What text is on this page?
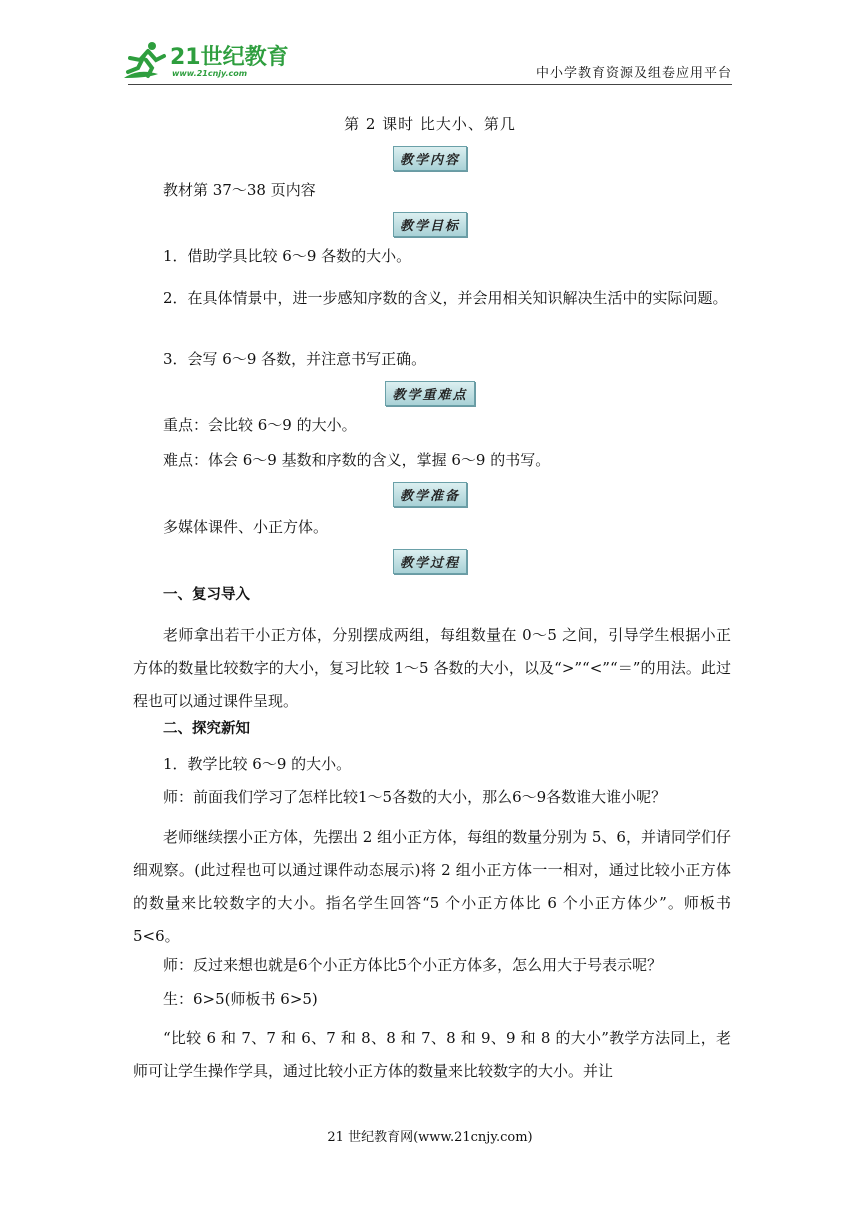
21世纪教育
www.21cnjy.com	中小学教育资源及组卷应用平台
第 2 课时 比大小、第几
教学内容
教材第 37～38 页内容
教学目标
1．借助学具比较 6～9 各数的大小。
2．在具体情景中，进一步感知序数的含义，并会用相关知识解决生活中的实际问题。
3．会写 6～9 各数，并注意书写正确。
教学重难点
重点：会比较 6～9 的大小。
难点：体会 6～9 基数和序数的含义，掌握 6～9 的书写。
教学准备
多媒体课件、小正方体。
教学过程
一、复习导入
老师拿出若干小正方体，分别摆成两组，每组数量在 0～5 之间，引导学生根据小正方体的数量比较数字的大小，复习比较 1～5 各数的大小，以及“>”“<”“＝”的用法。此过程也可以通过课件呈现。
二、探究新知
1．教学比较 6～9 的大小。
师：前面我们学习了怎样比较1～5各数的大小，那么6～9各数谁大谁小呢？
老师继续摆小正方体，先摆出 2 组小正方体，每组的数量分别为 5、6，并请同学们仔细观察。(此过程也可以通过课件动态展示)将 2 组小正方体一一相对，通过比较小正方体的数量来比较数字的大小。指名学生回答“5 个小正方体比 6 个小正方体少”。师板书 5<6。
师：反过来想也就是6个小正方体比5个小正方体多，怎么用大于号表示呢？
生：6>5(师板书 6>5)
“比较 6 和 7、7 和 6、7 和 8、8 和 7、8 和 9、9 和 8 的大小”教学方法同上，老师可让学生操作学具，通过比较小正方体的数量来比较数字的大小。并让
21 世纪教育网(www.21cnjy.com)
